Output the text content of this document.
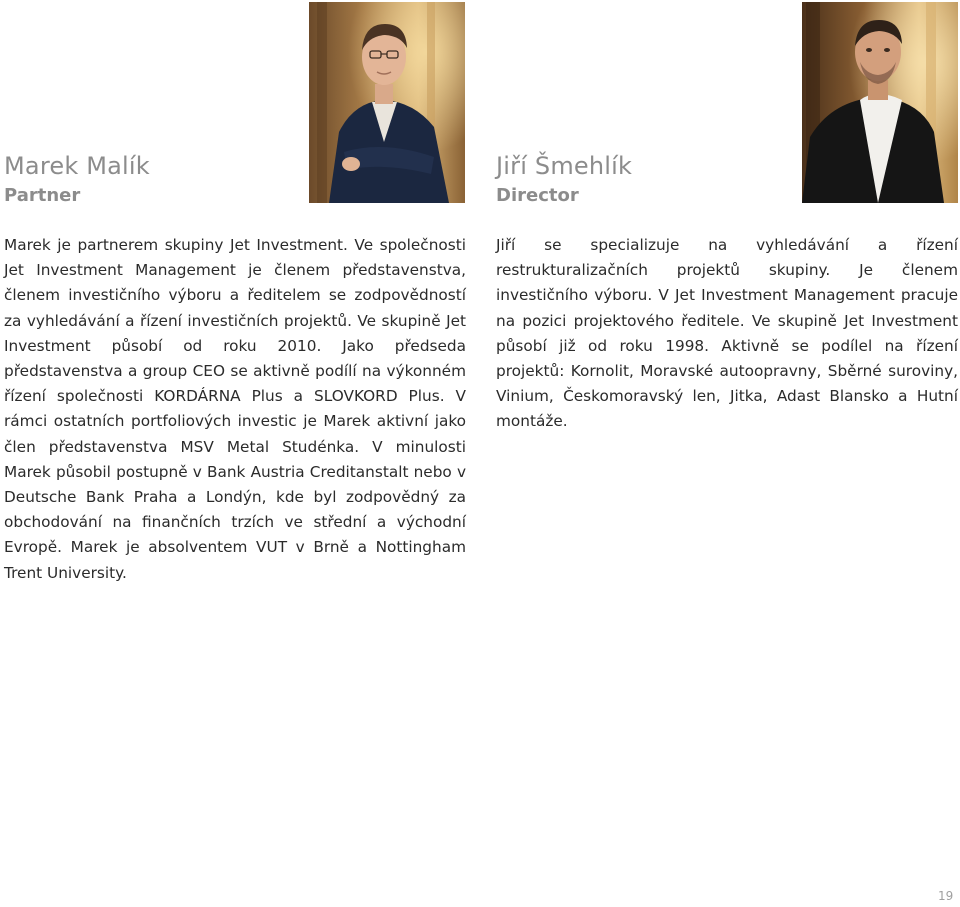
Marek Malík
Partner

Marek je partnerem skupiny Jet Investment. Ve společnosti Jet Investment Management je členem představenstva, členem investičního výboru a ředitelem se zodpovědností za vyhledávání a řízení investičních projektů. Ve skupině Jet Investment působí od roku 2010. Jako předseda představenstva a group CEO se aktivně podílí na výkonném řízení společnosti KORDÁRNA Plus a SLOVKORD Plus. V rámci ostatních portfoliových investic je Marek aktivní jako člen představenstva MSV Metal Studénka. V minulosti Marek působil postupně v Bank Austria Creditanstalt nebo v Deutsche Bank Praha a Londýn, kde byl zodpovědný za obchodování na finančních trzích ve střední a východní Evropě. Marek je absolventem VUT v Brně a Nottingham Trent University.

Jiří Šmehlík
Director

Jiří se specializuje na vyhledávání a řízení restrukturalizačních projektů skupiny. Je členem investičního výboru. V Jet Investment Management pracuje na pozici projektového ředitele. Ve skupině Jet Investment působí již od roku 1998. Aktivně se podílel na řízení projektů: Kornolit, Moravské autoopravny, Sběrné suroviny, Vinium, Českomoravský len, Jitka, Adast Blansko a Hutní montáže.

19
